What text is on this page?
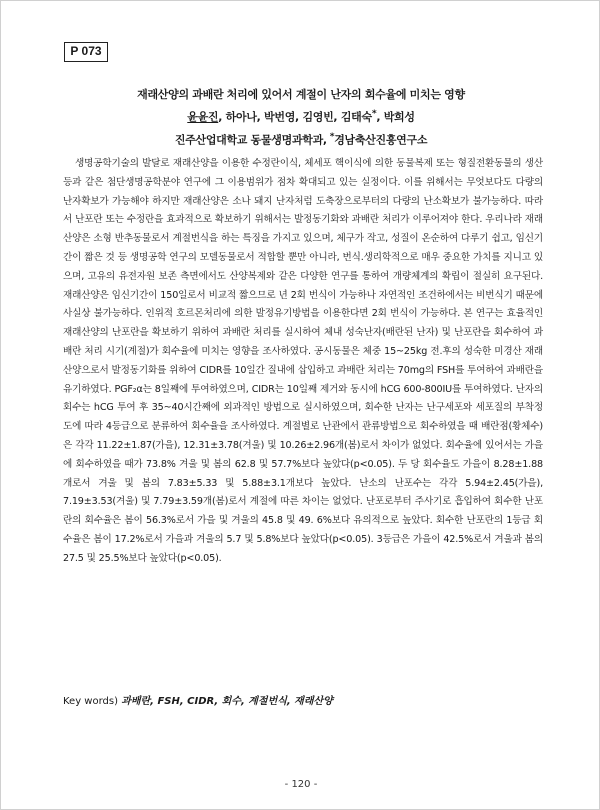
P 073
재래산양의 과배란 처리에 있어서 계절이 난자의 회수율에 미치는 영향
윤윤진, 하아나, 박번영, 김영빈, 김태숙*, 박희성
진주산업대학교 동물생명과학과, *경남축산진흥연구소

생명공학기술의 발달로 재래산양을 이용한 수정란이식, 체세포 핵이식에 의한 동물복제 또는 형질전환동물의 생산 등과 같은 첨단생명공학분야 연구에 그 이용범위가 점차 확대되고 있는 실정이다. 이를 위해서는 무엇보다도 다량의 난자확보가 가능해야 하지만 재래산양은 소나 돼지 난자처럼 도축장으로부터의 다량의 난소확보가 불가능하다. 따라서 난포란 또는 수정란을 효과적으로 확보하기 위해서는 발정동기화와 과배란 처리가 이루어져야 한다. 우리나라 재래산양은 소형 반추동물로서 계절번식을 하는 특징을 가지고 있으며, 체구가 작고, 성질이 온순하여 다루기 쉽고, 임신기간이 짧은 것 등 생명공학 연구의 모델동물로서 적합할 뿐만 아니라, 번식.생리학적으로 매우 중요한 가치를 지니고 있으며, 고유의 유전자원 보존 측면에서도 산양복제와 같은 다양한 연구를 통하여 개량체계의 확립이 절실히 요구된다. 재래산양은 임신기간이 150일로서 비교적 짧으므로 년 2회 번식이 가능하나 자연적인 조건하에서는 비번식기 때문에 사실상 불가능하다. 인위적 호르몬처리에 의한 발정유기방법을 이용한다면 2회 번식이 가능하다. 본 연구는 효율적인 재래산양의 난포란을 확보하기 위하여 과배란 처리를 실시하여 체내 성숙난자(배란된 난자) 및 난포란을 회수하여 과배란 처리 시기(계절)가 회수율에 미치는 영향을 조사하였다. 공시동물은 체중 15~25kg 전.후의 성숙한 미경산 재래산양으로서 발정동기화를 위하여 CIDR를 10일간 질내에 삽입하고 과배란 처리는 70mg의 FSH를 투여하여 과배란을 유기하였다. PGF₂α는 8일째에 투여하였으며, CIDR는 10일째 제거와 동시에 hCG 600-800IU를 투여하였다. 난자의 회수는 hCG 투여 후 35~40시간째에 외과적인 방법으로 실시하였으며, 회수한 난자는 난구세포와 세포질의 부착정도에 따라 4등급으로 분류하여 회수율을 조사하였다. 계절별로 난관에서 관류방법으로 회수하였을 때 배란점(황체수)은 각각 11.22±1.87(가을), 12.31±3.78(겨울) 및 10.26±2.96개(봄)로서 차이가 없었다. 회수율에 있어서는 가을에 회수하였을 때가 73.8% 겨울 및 봄의 62.8 및 57.7%보다 높았다(p<0.05). 두 당 회수율도 가을이 8.28±1.88개로서 겨울 및 봄의 7.83±5.33 및 5.88±3.1개보다 높았다. 난소의 난포수는 각각 5.94±2.45(가을), 7.19±3.53(겨울) 및 7.79±3.59개(봄)로서 계절에 따른 차이는 없었다. 난포로부터 주사기로 흡입하여 회수한 난포란의 회수율은 봄이 56.3%로서 가을 및 겨울의 45.8 및 49. 6%보다 유의적으로 높았다. 회수한 난포란의 1등급 회수율은 봄이 17.2%로서 가을과 겨울의 5.7 및 5.8%보다 높았다(p<0.05). 3등급은 가을이 42.5%로서 겨울과 봄의 27.5 및 25.5%보다 높았다(p<0.05).

Key words) 과배란, FSH, CIDR, 회수, 계절번식, 재래산양
- 120 -
